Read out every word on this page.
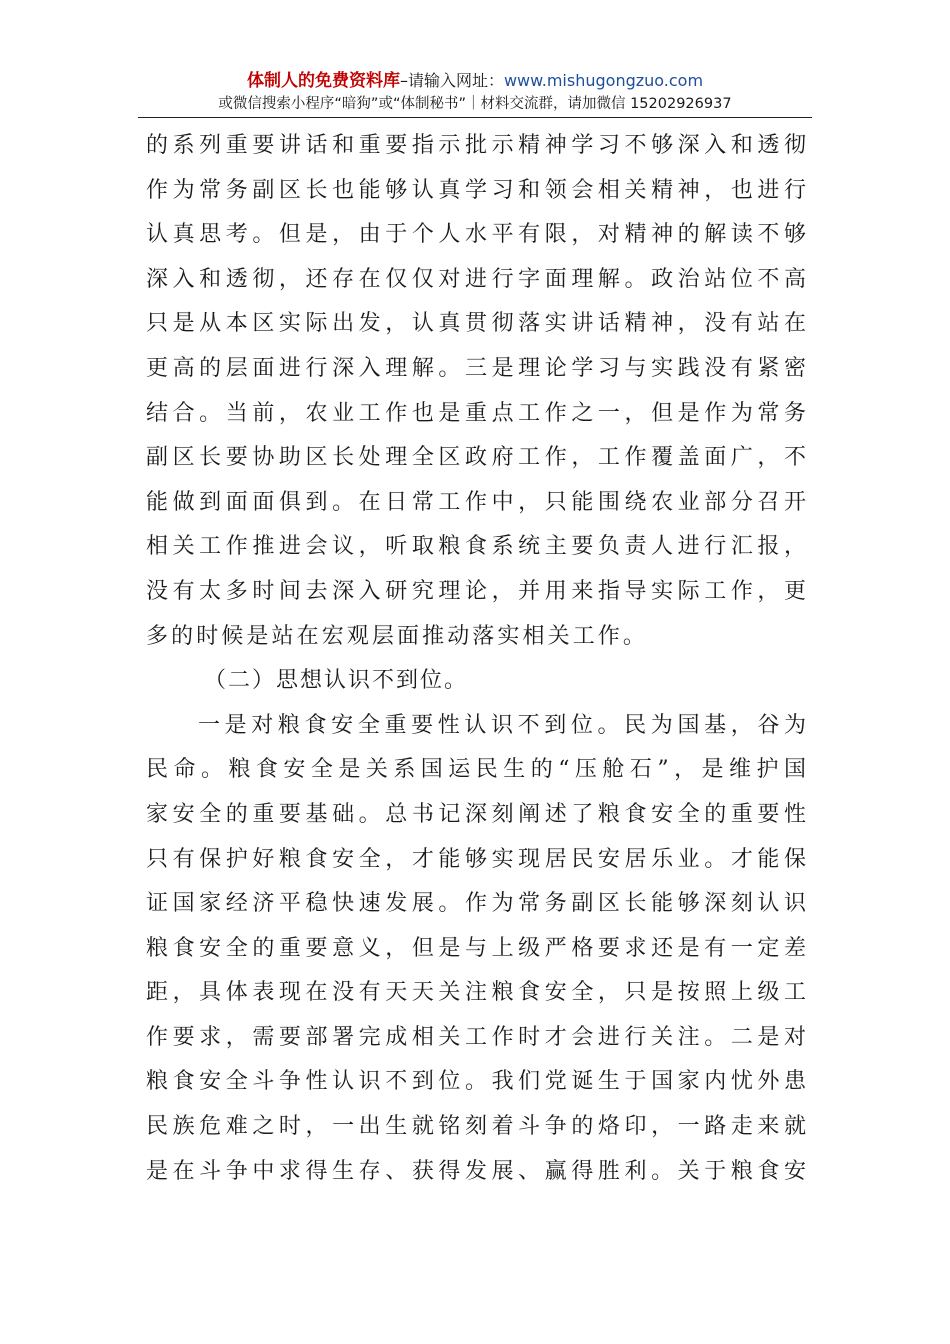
体制人的免费资料库–请输入网址：www.mishugongzuo.com
或微信搜索小程序“暗狗”或“体制秘书”｜材料交流群，请加微信 15202926937
的系列重要讲话和重要指示批示精神学习不够深入和透彻
作为常务副区长也能够认真学习和领会相关精神，也进行
认真思考。但是，由于个人水平有限，对精神的解读不够
深入和透彻，还存在仅仅对进行字面理解。政治站位不高
只是从本区实际出发，认真贯彻落实讲话精神，没有站在
更高的层面进行深入理解。三是理论学习与实践没有紧密
结合。当前，农业工作也是重点工作之一，但是作为常务
副区长要协助区长处理全区政府工作，工作覆盖面广，不
能做到面面俱到。在日常工作中，只能围绕农业部分召开
相关工作推进会议，听取粮食系统主要负责人进行汇报，
没有太多时间去深入研究理论，并用来指导实际工作，更
多的时候是站在宏观层面推动落实相关工作。
（二）思想认识不到位。
一是对粮食安全重要性认识不到位。民为国基，谷为
民命。粮食安全是关系国运民生的“压舱石”，是维护国
家安全的重要基础。总书记深刻阐述了粮食安全的重要性
只有保护好粮食安全，才能够实现居民安居乐业。才能保
证国家经济平稳快速发展。作为常务副区长能够深刻认识
粮食安全的重要意义，但是与上级严格要求还是有一定差
距，具体表现在没有天天关注粮食安全，只是按照上级工
作要求，需要部署完成相关工作时才会进行关注。二是对
粮食安全斗争性认识不到位。我们党诞生于国家内忧外患
民族危难之时，一出生就铭刻着斗争的烙印，一路走来就
是在斗争中求得生存、获得发展、赢得胜利。关于粮食安
